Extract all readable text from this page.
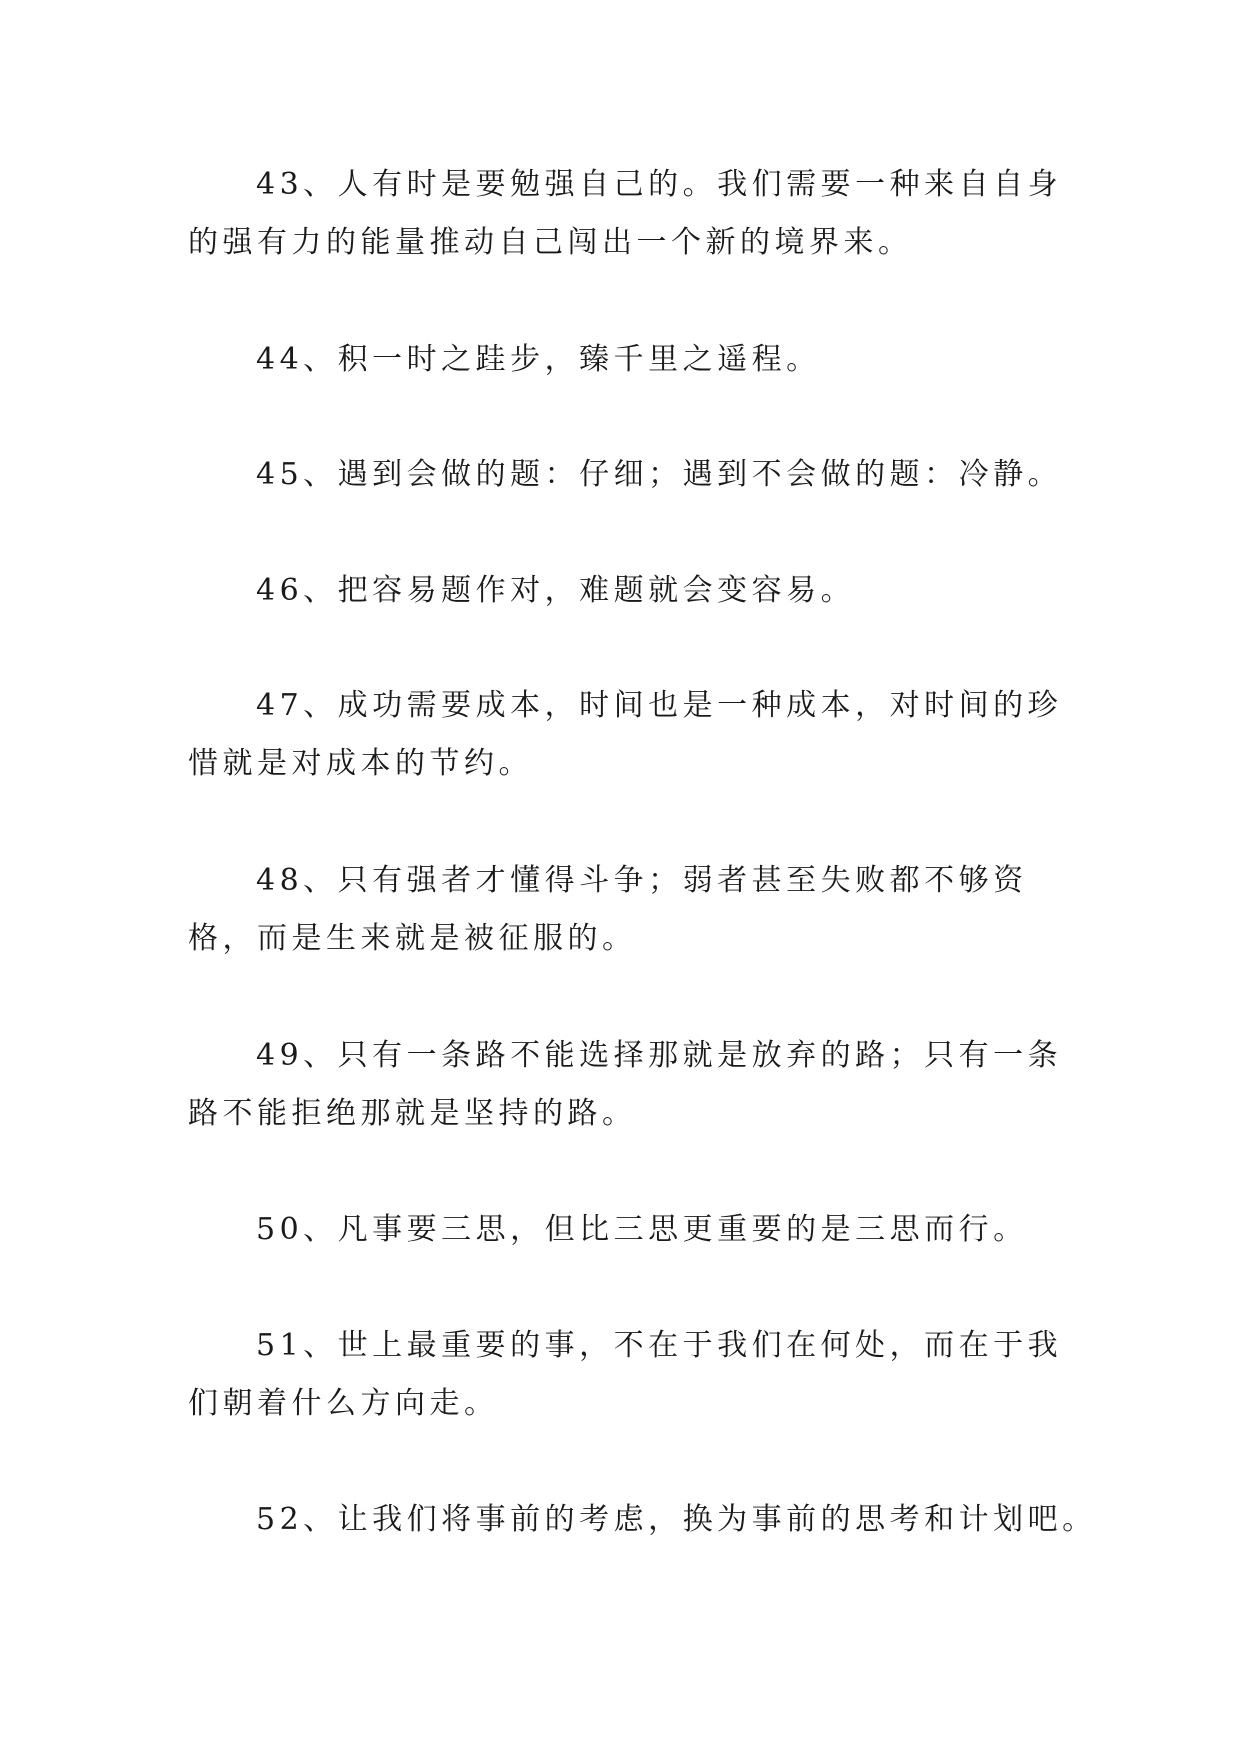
43、人有时是要勉强自己的。我们需要一种来自自身的强有力的能量推动自己闯出一个新的境界来。

44、积一时之跬步，臻千里之遥程。

45、遇到会做的题：仔细；遇到不会做的题：冷静。

46、把容易题作对，难题就会变容易。

47、成功需要成本，时间也是一种成本，对时间的珍惜就是对成本的节约。

48、只有强者才懂得斗争；弱者甚至失败都不够资格，而是生来就是被征服的。

49、只有一条路不能选择那就是放弃的路；只有一条路不能拒绝那就是坚持的路。

50、凡事要三思，但比三思更重要的是三思而行。

51、世上最重要的事，不在于我们在何处，而在于我们朝着什么方向走。

52、让我们将事前的考虑，换为事前的思考和计划吧。
